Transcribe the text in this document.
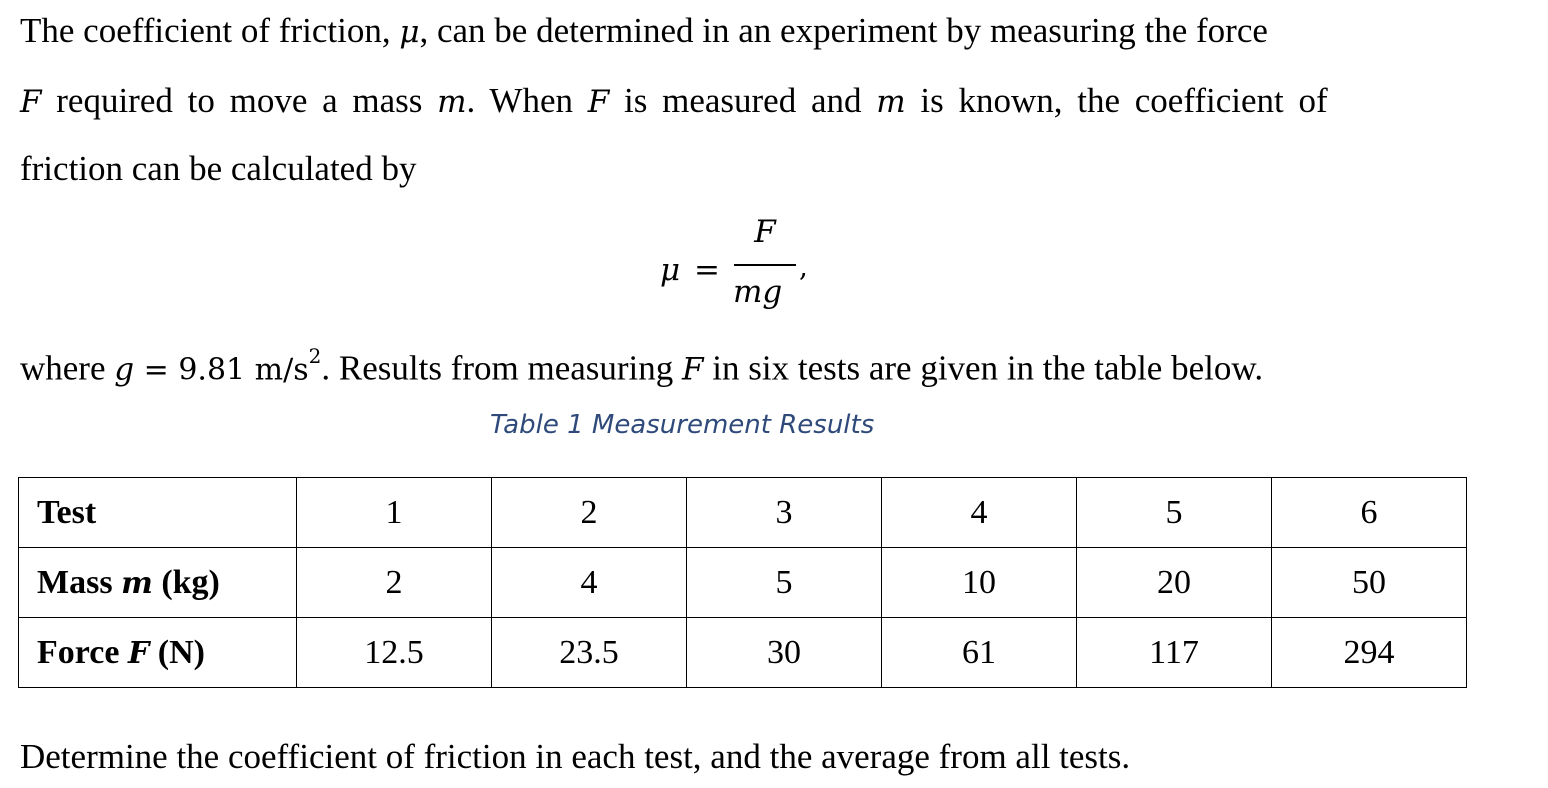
The coefficient of friction, μ, can be determined in an experiment by measuring the force
F required to move a mass m. When F is measured and m is known, the coefficient of
friction can be calculated by
μ =
F
mg
,
where g = 9.81 $m/s^2$. Results from measuring F in six tests are given in the table below.
Table 1 Measurement Results
Test	1	2	3	4	5	6
Mass m (kg)	2	4	5	10	20	50
Force F (N)	12.5	23.5	30	61	117	294
Determine the coefficient of friction in each test, and the average from all tests.
